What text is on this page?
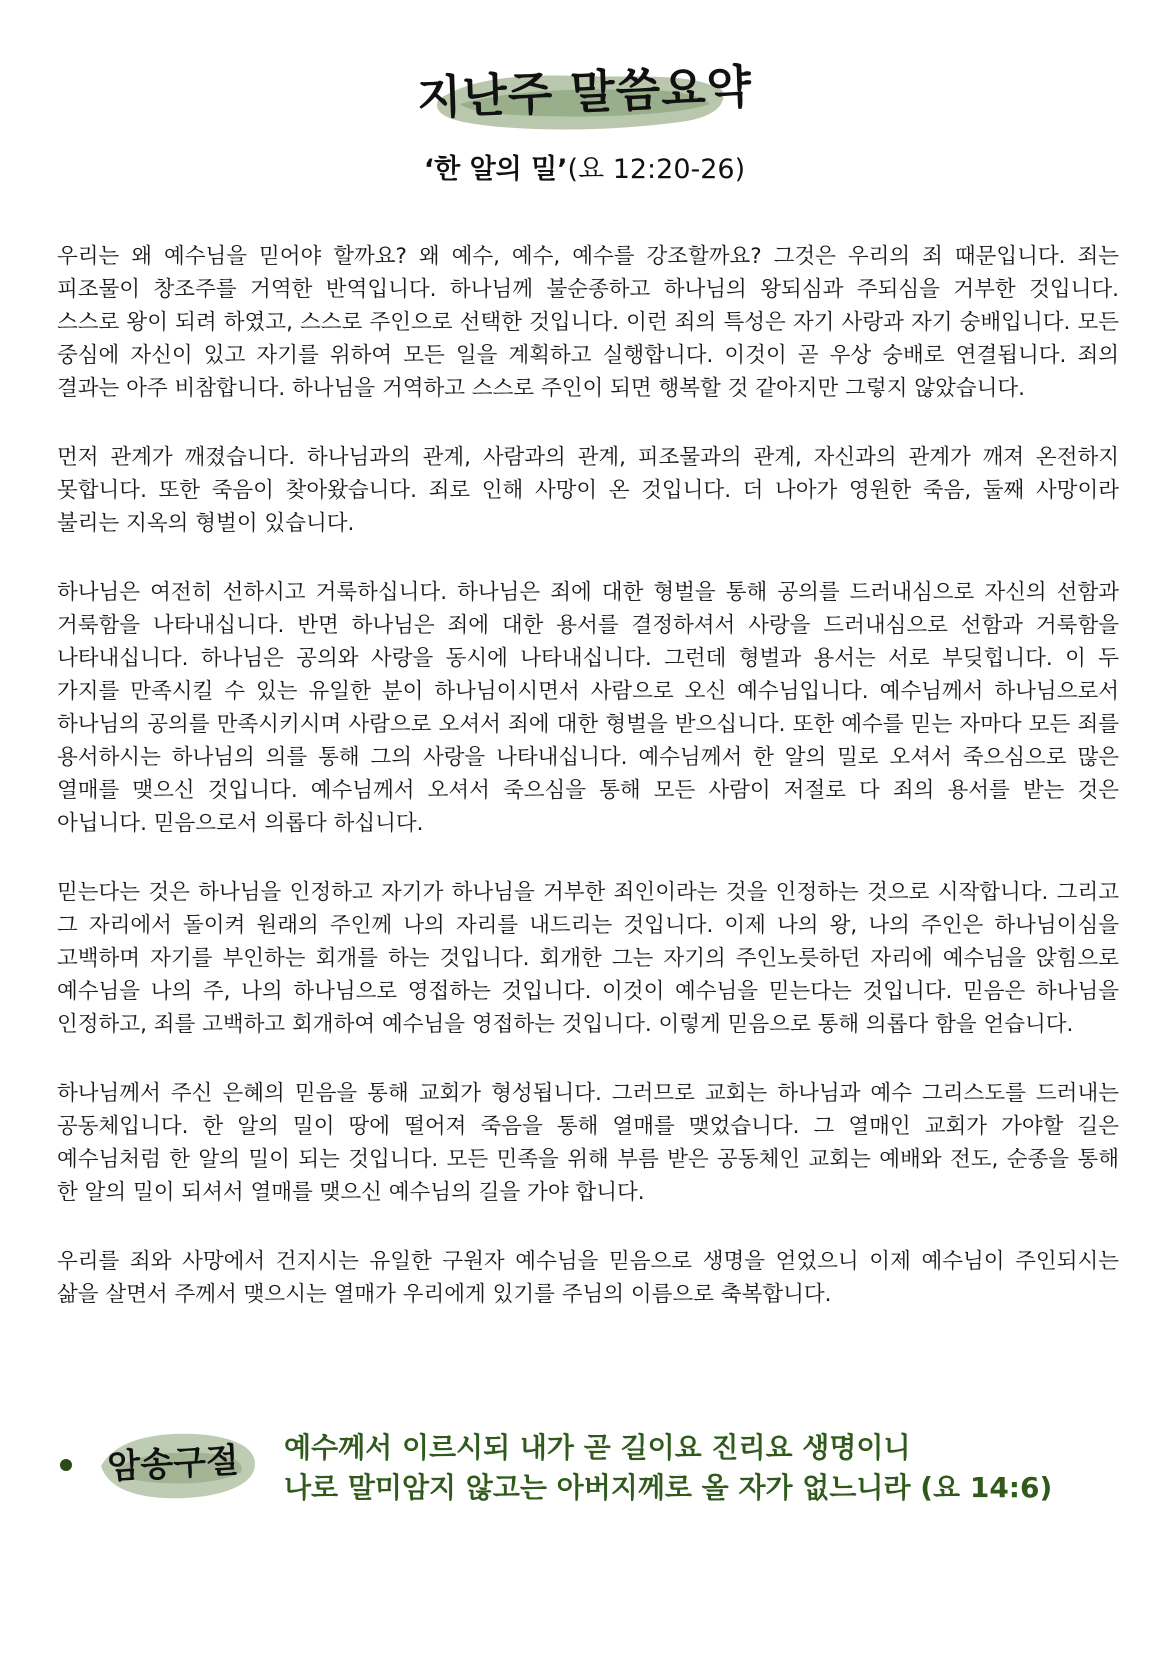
지난주 말씀요약
‘한 알의 밀’(요 12:20-26)

우리는 왜 예수님을 믿어야 할까요? 왜 예수, 예수, 예수를 강조할까요? 그것은 우리의 죄 때문입니다. 죄는 피조물이 창조주를 거역한 반역입니다. 하나님께 불순종하고 하나님의 왕되심과 주되심을 거부한 것입니다. 스스로 왕이 되려 하였고, 스스로 주인으로 선택한 것입니다. 이런 죄의 특성은 자기 사랑과 자기 숭배입니다. 모든 중심에 자신이 있고 자기를 위하여 모든 일을 계획하고 실행합니다. 이것이 곧 우상 숭배로 연결됩니다. 죄의 결과는 아주 비참합니다. 하나님을 거역하고 스스로 주인이 되면 행복할 것 같아지만 그렇지 않았습니다.

먼저 관계가 깨졌습니다. 하나님과의 관계, 사람과의 관계, 피조물과의 관계, 자신과의 관계가 깨져 온전하지 못합니다. 또한 죽음이 찾아왔습니다. 죄로 인해 사망이 온 것입니다. 더 나아가 영원한 죽음, 둘째 사망이라 불리는 지옥의 형벌이 있습니다.

하나님은 여전히 선하시고 거룩하십니다. 하나님은 죄에 대한 형벌을 통해 공의를 드러내심으로 자신의 선함과 거룩함을 나타내십니다. 반면 하나님은 죄에 대한 용서를 결정하셔서 사랑을 드러내심으로 선함과 거룩함을 나타내십니다. 하나님은 공의와 사랑을 동시에 나타내십니다. 그런데 형벌과 용서는 서로 부딪힙니다. 이 두 가지를 만족시킬 수 있는 유일한 분이 하나님이시면서 사람으로 오신 예수님입니다. 예수님께서 하나님으로서 하나님의 공의를 만족시키시며 사람으로 오셔서 죄에 대한 형벌을 받으십니다. 또한 예수를 믿는 자마다 모든 죄를 용서하시는 하나님의 의를 통해 그의 사랑을 나타내십니다. 예수님께서 한 알의 밀로 오셔서 죽으심으로 많은 열매를 맺으신 것입니다. 예수님께서 오셔서 죽으심을 통해 모든 사람이 저절로 다 죄의 용서를 받는 것은 아닙니다. 믿음으로서 의롭다 하십니다.

믿는다는 것은 하나님을 인정하고 자기가 하나님을 거부한 죄인이라는 것을 인정하는 것으로 시작합니다. 그리고 그 자리에서 돌이켜 원래의 주인께 나의 자리를 내드리는 것입니다. 이제 나의 왕, 나의 주인은 하나님이심을 고백하며 자기를 부인하는 회개를 하는 것입니다. 회개한 그는 자기의 주인노릇하던 자리에 예수님을 앉힘으로 예수님을 나의 주, 나의 하나님으로 영접하는 것입니다. 이것이 예수님을 믿는다는 것입니다. 믿음은 하나님을 인정하고, 죄를 고백하고 회개하여 예수님을 영접하는 것입니다. 이렇게 믿음으로 통해 의롭다 함을 얻습니다.

하나님께서 주신 은혜의 믿음을 통해 교회가 형성됩니다. 그러므로 교회는 하나님과 예수 그리스도를 드러내는 공동체입니다. 한 알의 밀이 땅에 떨어져 죽음을 통해 열매를 맺었습니다. 그 열매인 교회가 가야할 길은 예수님처럼 한 알의 밀이 되는 것입니다. 모든 민족을 위해 부름 받은 공동체인 교회는 예배와 전도, 순종을 통해 한 알의 밀이 되셔서 열매를 맺으신 예수님의 길을 가야 합니다.

우리를 죄와 사망에서 건지시는 유일한 구원자 예수님을 믿음으로 생명을 얻었으니 이제 예수님이 주인되시는 삶을 살면서 주께서 맺으시는 열매가 우리에게 있기를 주님의 이름으로 축복합니다.

암송구절	예수께서 이르시되 내가 곧 길이요 진리요 생명이니
나로 말미암지 않고는 아버지께로 올 자가 없느니라 (요 14:6)
